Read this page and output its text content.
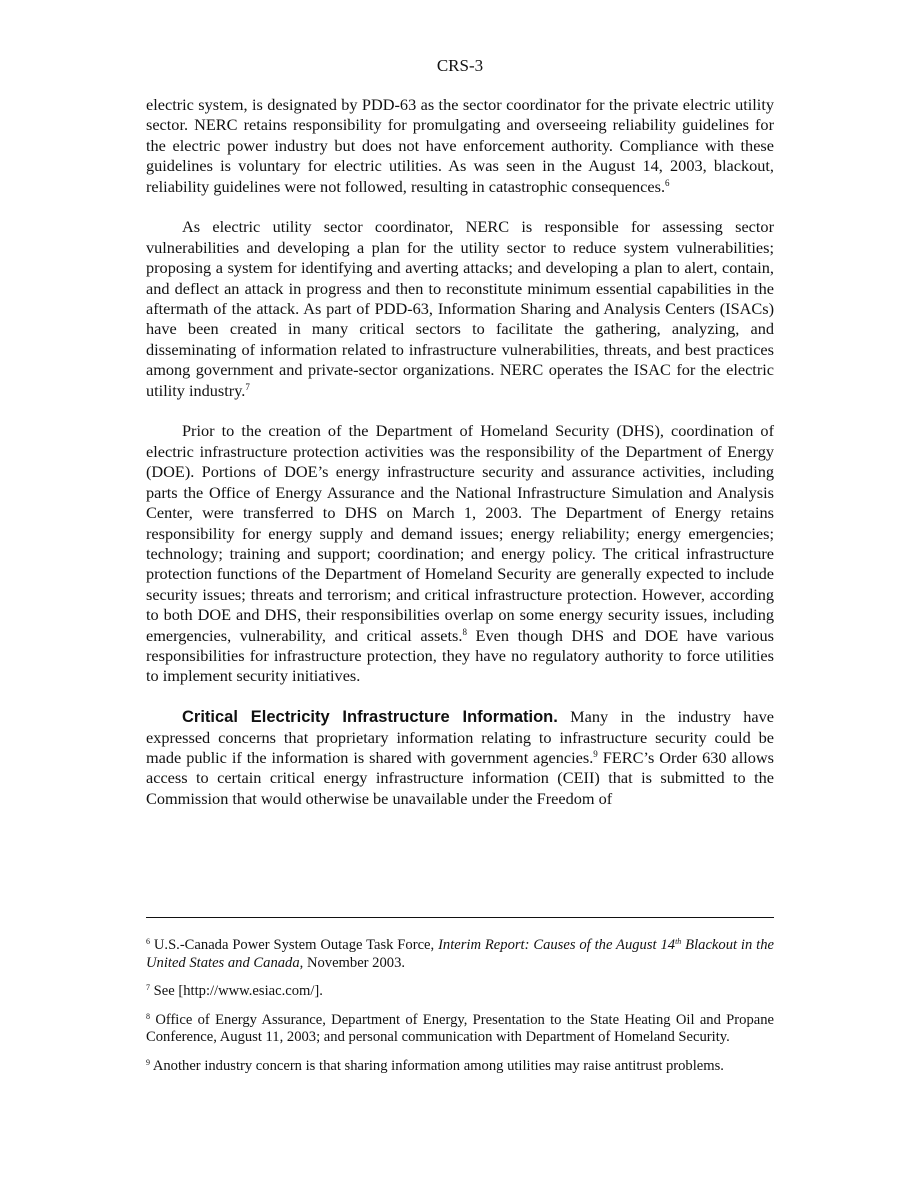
CRS-3

electric system, is designated by PDD-63 as the sector coordinator for the private electric utility sector. NERC retains responsibility for promulgating and overseeing reliability guidelines for the electric power industry but does not have enforcement authority. Compliance with these guidelines is voluntary for electric utilities. As was seen in the August 14, 2003, blackout, reliability guidelines were not followed, resulting in catastrophic consequences.$^6$

As electric utility sector coordinator, NERC is responsible for assessing sector vulnerabilities and developing a plan for the utility sector to reduce system vulnerabilities; proposing a system for identifying and averting attacks; and developing a plan to alert, contain, and deflect an attack in progress and then to reconstitute minimum essential capabilities in the aftermath of the attack. As part of PDD-63, Information Sharing and Analysis Centers (ISACs) have been created in many critical sectors to facilitate the gathering, analyzing, and disseminating of information related to infrastructure vulnerabilities, threats, and best practices among government and private-sector organizations. NERC operates the ISAC for the electric utility industry.$^7$

Prior to the creation of the Department of Homeland Security (DHS), coordination of electric infrastructure protection activities was the responsibility of the Department of Energy (DOE). Portions of DOE’s energy infrastructure security and assurance activities, including parts the Office of Energy Assurance and the National Infrastructure Simulation and Analysis Center, were transferred to DHS on March 1, 2003. The Department of Energy retains responsibility for energy supply and demand issues; energy reliability; energy emergencies; technology; training and support; coordination; and energy policy. The critical infrastructure protection functions of the Department of Homeland Security are generally expected to include security issues; threats and terrorism; and critical infrastructure protection. However, according to both DOE and DHS, their responsibilities overlap on some energy security issues, including emergencies, vulnerability, and critical assets.$^8$ Even though DHS and DOE have various responsibilities for infrastructure protection, they have no regulatory authority to force utilities to implement security initiatives.

Critical Electricity Infrastructure Information. Many in the industry have expressed concerns that proprietary information relating to infrastructure security could be made public if the information is shared with government agencies.$^9$ FERC’s Order 630 allows access to certain critical energy infrastructure information (CEII) that is submitted to the Commission that would otherwise be unavailable under the Freedom of

$^6$ U.S.-Canada Power System Outage Task Force, Interim Report: Causes of the August 14th Blackout in the United States and Canada, November 2003.
$^7$ See [http://www.esiac.com/].
$^8$ Office of Energy Assurance, Department of Energy, Presentation to the State Heating Oil and Propane Conference, August 11, 2003; and personal communication with Department of Homeland Security.
$^9$ Another industry concern is that sharing information among utilities may raise antitrust problems.
